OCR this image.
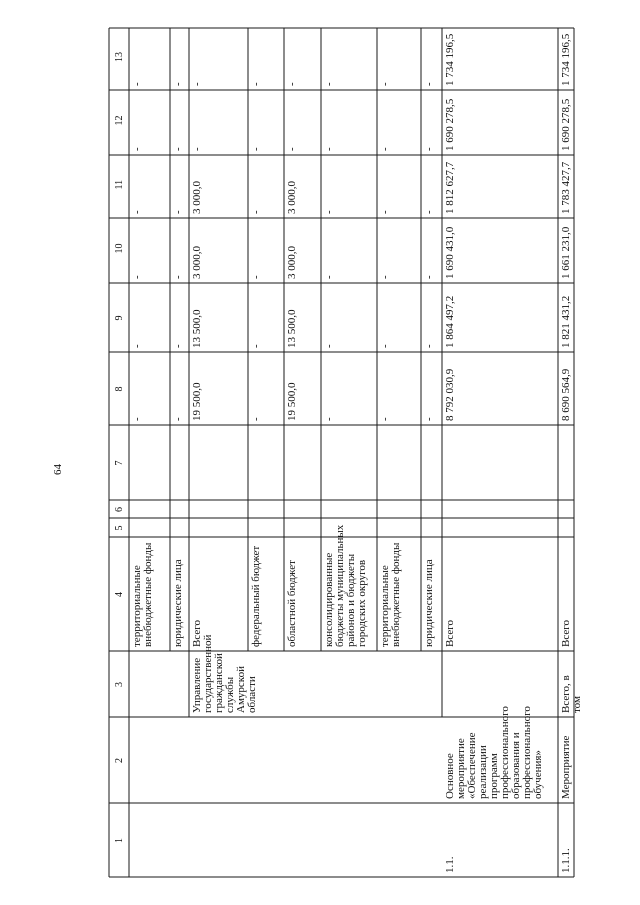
64
1
2
3
4
5
6
7
8
9
10
11
12
13
территориальныевнебюджетные фонды
-
-
-
-
-
-
юридические лица
-
-
-
-
-
-
УправлениегосударственнойгражданскойслужбыАмурскойобласти
Всего
19 500,0
13 500,0
3 000,0
3 000,0
-
-
федеральный бюджет
-
-
-
-
-
-
областной бюджет
19 500,0
13 500,0
3 000,0
3 000,0
-
-
консолидированныебюджеты муниципальныхрайонов и бюджетыгородских округов
-
-
-
-
-
-
территориальныевнебюджетные фонды
-
-
-
-
-
-
юридические лица
-
-
-
-
-
-
1.1.
Основноемероприятие«Обеспечениереализациипрограммпрофессиональногообразования ипрофессиональногообучения»
Всего
8 792 030,9
1 864 497,2
1 690 431,0
1 812 627,7
1 690 278,5
1 734 196,5
1.1.1.
Мероприятие
Всего, втом
Всего
8 690 564,9
1 821 431,2
1 661 231,0
1 783 427,7
1 690 278,5
1 734 196,5
